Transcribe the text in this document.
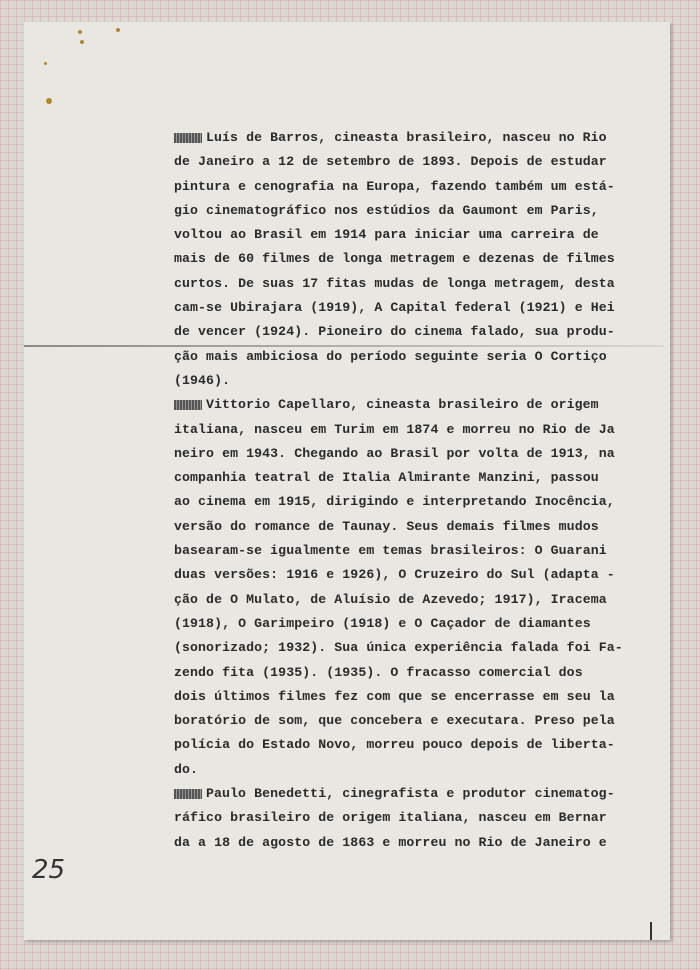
Luís de Barros, cineasta brasileiro, nasceu no Rio
de Janeiro a 12 de setembro de 1893. Depois de estudar
pintura e cenografia na Europa, fazendo também um está-
gio cinematográfico nos estúdios da Gaumont em Paris,
voltou ao Brasil em 1914 para iniciar uma carreira de
mais de 60 filmes de longa metragem e dezenas de filmes
curtos. De suas 17 fitas mudas de longa metragem, desta
cam-se Ubirajara (1919), A Capital federal (1921) e Hei
de vencer (1924). Pioneiro do cinema falado, sua produ-
ção mais ambiciosa do período seguinte seria O Cortiço
(1946).
Vittorio Capellaro, cineasta brasileiro de origem
italiana, nasceu em Turim em 1874 e morreu no Rio de Ja
neiro em 1943. Chegando ao Brasil por volta de 1913, na
companhia teatral de Italia Almirante Manzini, passou
ao cinema em 1915, dirigindo e interpretando Inocência,
versão do romance de Taunay. Seus demais filmes mudos
basearam-se igualmente em temas brasileiros: O Guarani
duas versões: 1916 e 1926), O Cruzeiro do Sul (adapta -
ção de O Mulato, de Aluísio de Azevedo; 1917), Iracema
(1918), O Garimpeiro (1918) e O Caçador de diamantes
(sonorizado; 1932). Sua única experiência falada foi Fa-
zendo fita (1935). (1935). O fracasso comercial dos
dois últimos filmes fez com que se encerrasse em seu la
boratório de som, que concebera e executara. Preso pela
polícia do Estado Novo, morreu pouco depois de liberta-
do.
Paulo Benedetti, cinegrafista e produtor cinematog-
ráfico brasileiro de origem italiana, nasceu em Bernar
da a 18 de agosto de 1863 e morreu no Rio de Janeiro e
25
